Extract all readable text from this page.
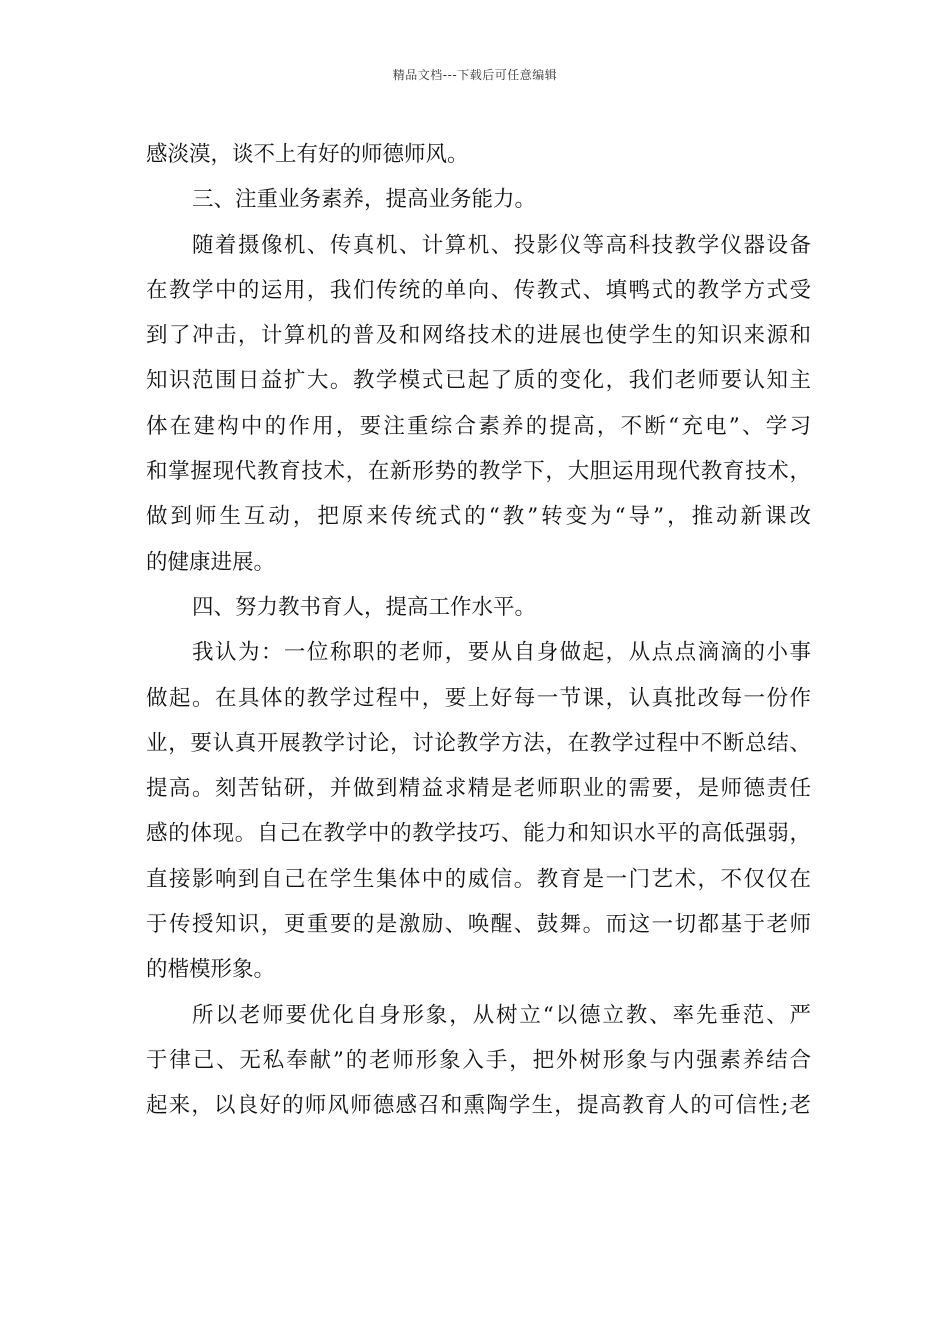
精品文档---下载后可任意编辑
感淡漠，谈不上有好的师德师风。
三、注重业务素养，提高业务能力。
随着摄像机、传真机、计算机、投影仪等高科技教学仪器设备
在教学中的运用，我们传统的单向、传教式、填鸭式的教学方式受
到了冲击，计算机的普及和网络技术的进展也使学生的知识来源和
知识范围日益扩大。教学模式已起了质的变化，我们老师要认知主
体在建构中的作用，要注重综合素养的提高，不断“充电”、学习
和掌握现代教育技术，在新形势的教学下，大胆运用现代教育技术，
做到师生互动，把原来传统式的“教”转变为“导”，推动新课改
的健康进展。
四、努力教书育人，提高工作水平。
我认为：一位称职的老师，要从自身做起，从点点滴滴的小事
做起。在具体的教学过程中，要上好每一节课，认真批改每一份作
业，要认真开展教学讨论，讨论教学方法，在教学过程中不断总结、
提高。刻苦钻研，并做到精益求精是老师职业的需要，是师德责任
感的体现。自己在教学中的教学技巧、能力和知识水平的高低强弱，
直接影响到自己在学生集体中的威信。教育是一门艺术，不仅仅在
于传授知识，更重要的是激励、唤醒、鼓舞。而这一切都基于老师
的楷模形象。
所以老师要优化自身形象，从树立“以德立教、率先垂范、严
于律己、无私奉献”的老师形象入手，把外树形象与内强素养结合
起来，以良好的师风师德感召和熏陶学生，提高教育人的可信性;老
